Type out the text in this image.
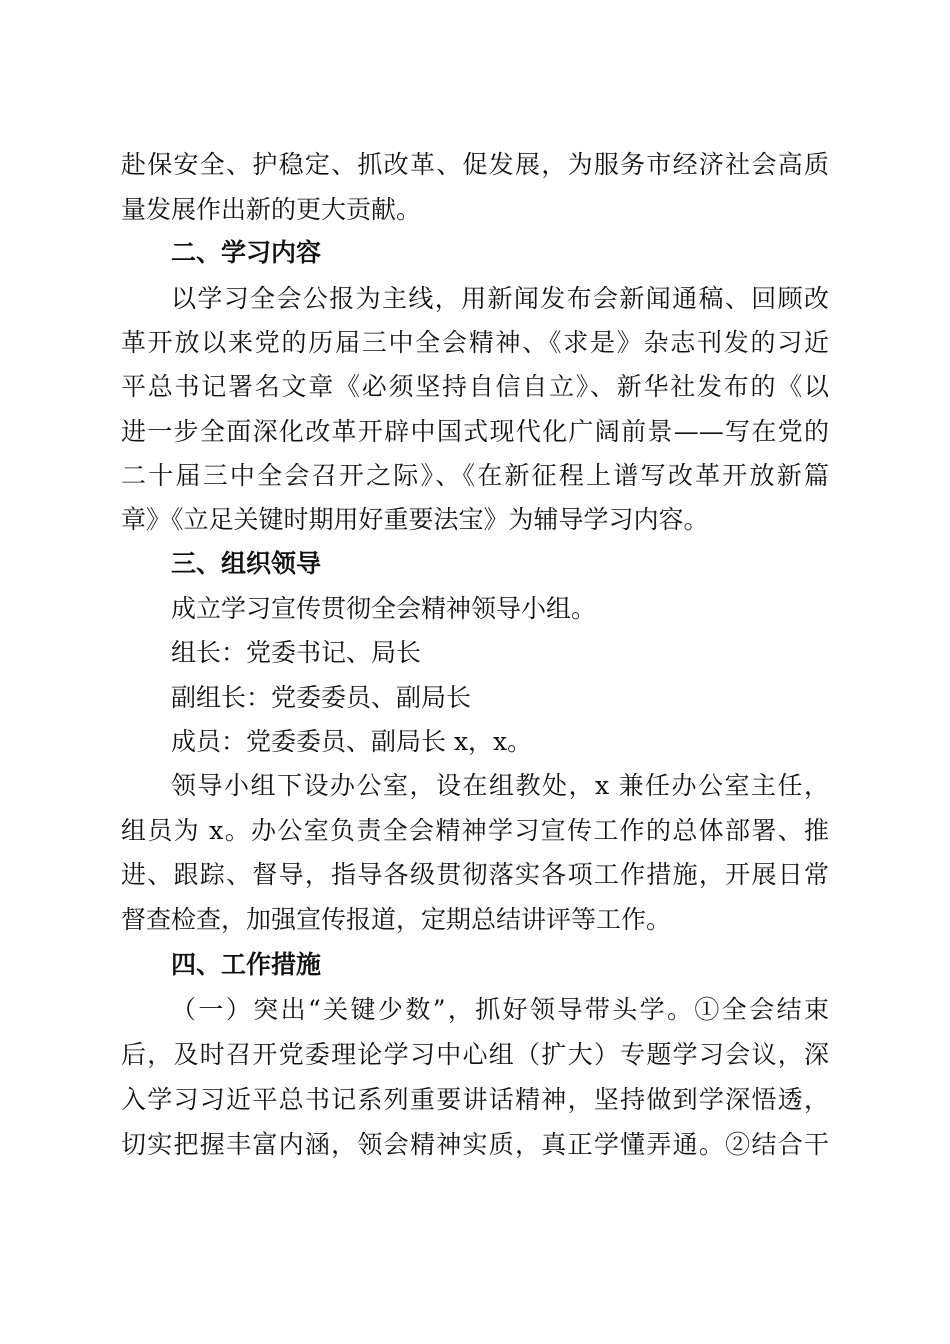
赴保安全、护稳定、抓改革、促发展，为服务市经济社会高质
量发展作出新的更大贡献。
二、学习内容
以学习全会公报为主线，用新闻发布会新闻通稿、回顾改
革开放以来党的历届三中全会精神、《求是》杂志刊发的习近
平总书记署名文章《必须坚持自信自立》、新华社发布的《以
进一步全面深化改革开辟中国式现代化广阔前景——写在党的
二十届三中全会召开之际》、《在新征程上谱写改革开放新篇
章》《立足关键时期用好重要法宝》为辅导学习内容。
三、组织领导
成立学习宣传贯彻全会精神领导小组。
组长：党委书记、局长
副组长：党委委员、副局长
成员：党委委员、副局长 x，x。
领导小组下设办公室，设在组教处，x 兼任办公室主任，
组员为 x。办公室负责全会精神学习宣传工作的总体部署、推
进、跟踪、督导，指导各级贯彻落实各项工作措施，开展日常
督查检查，加强宣传报道，定期总结讲评等工作。
四、工作措施
（一）突出“关键少数”，抓好领导带头学。①全会结束
后，及时召开党委理论学习中心组（扩大）专题学习会议，深
入学习习近平总书记系列重要讲话精神，坚持做到学深悟透，
切实把握丰富内涵，领会精神实质，真正学懂弄通。②结合干
